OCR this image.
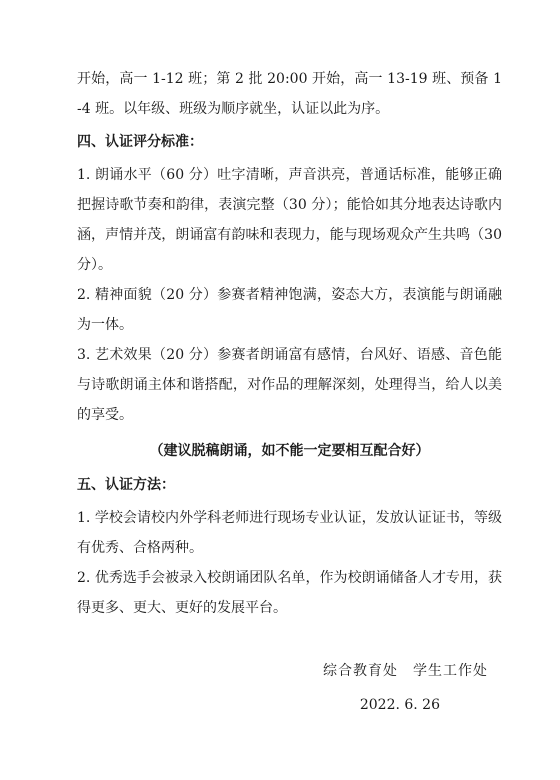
开始，高一 1-12 班；第 2 批 20:00 开始，高一 13-19 班、预备 1-4 班。以年级、班级为顺序就坐，认证以此为序。

四、认证评分标准：

1. 朗诵水平（60 分）吐字清晰，声音洪亮，普通话标准，能够正确把握诗歌节奏和韵律，表演完整（30 分）；能恰如其分地表达诗歌内涵，声情并茂，朗诵富有韵味和表现力，能与现场观众产生共鸣（30 分）。

2. 精神面貌（20 分）参赛者精神饱满，姿态大方，表演能与朗诵融为一体。

3. 艺术效果（20 分）参赛者朗诵富有感情，台风好、语感、音色能与诗歌朗诵主体和谐搭配，对作品的理解深刻，处理得当，给人以美的享受。

（建议脱稿朗诵，如不能一定要相互配合好）

五、认证方法：

1. 学校会请校内外学科老师进行现场专业认证，发放认证证书，等级有优秀、合格两种。

2. 优秀选手会被录入校朗诵团队名单，作为校朗诵储备人才专用，获得更多、更大、更好的发展平台。

综合教育处　学生工作处
2022. 6. 26
